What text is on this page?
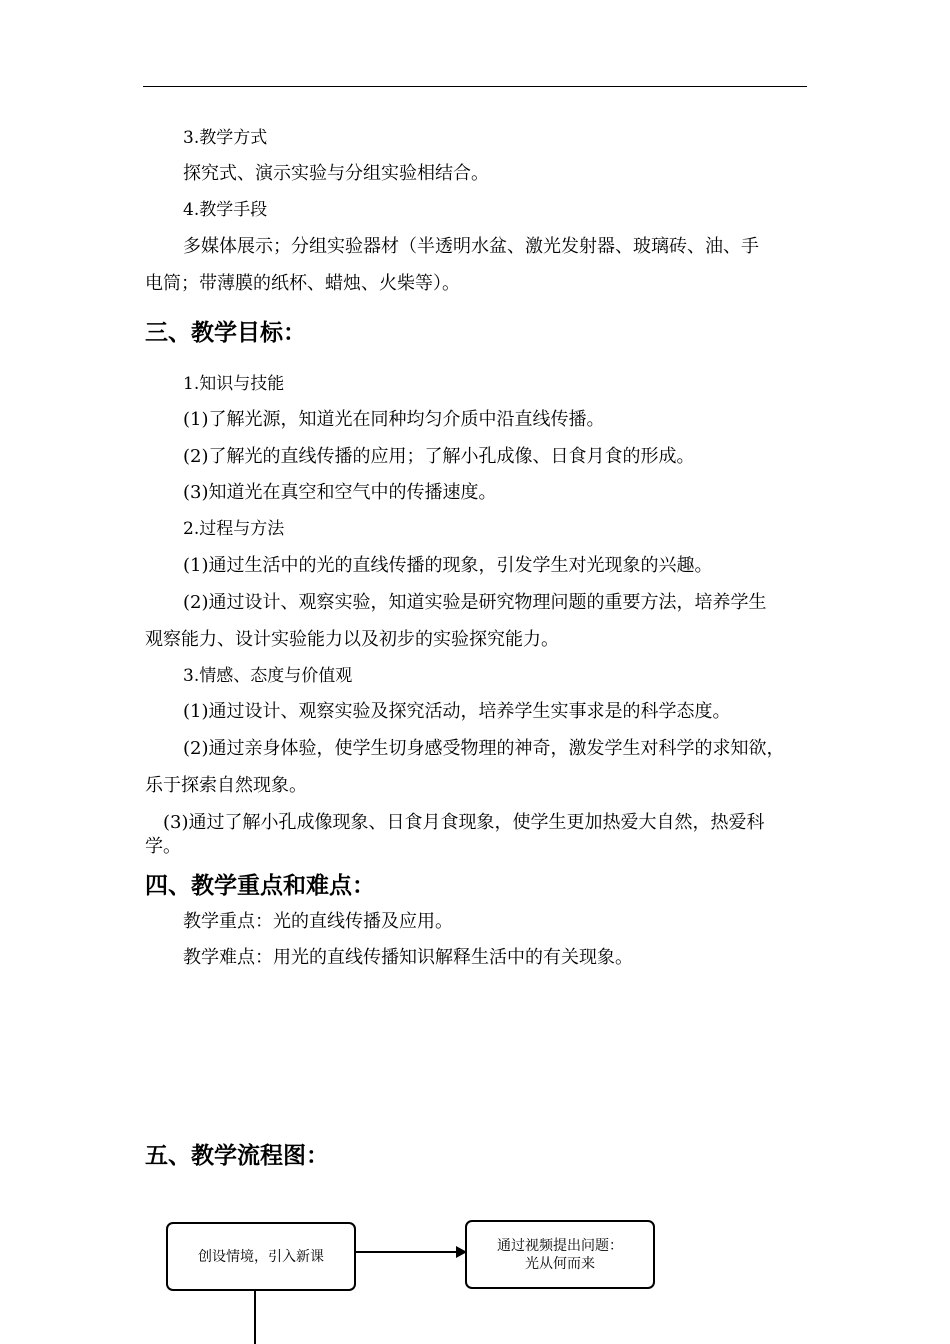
3.教学方式
探究式、演示实验与分组实验相结合。
4.教学手段
多媒体展示；分组实验器材（半透明水盆、激光发射器、玻璃砖、油、手
电筒；带薄膜的纸杯、蜡烛、火柴等）。
三、教学目标：
1.知识与技能
(1)了解光源，知道光在同种均匀介质中沿直线传播。
(2)了解光的直线传播的应用；了解小孔成像、日食月食的形成。
(3)知道光在真空和空气中的传播速度。
2.过程与方法
(1)通过生活中的光的直线传播的现象，引发学生对光现象的兴趣。
(2)通过设计、观察实验，知道实验是研究物理问题的重要方法，培养学生
观察能力、设计实验能力以及初步的实验探究能力。
3.情感、态度与价值观
(1)通过设计、观察实验及探究活动，培养学生实事求是的科学态度。
(2)通过亲身体验，使学生切身感受物理的神奇，激发学生对科学的求知欲，
乐于探索自然现象。
(3)通过了解小孔成像现象、日食月食现象，使学生更加热爱大自然，热爱科
学。
四、教学重点和难点：
教学重点：光的直线传播及应用。
教学难点：用光的直线传播知识解释生活中的有关现象。
五、教学流程图：
创设情境，引入新课
通过视频提出问题：
光从何而来
